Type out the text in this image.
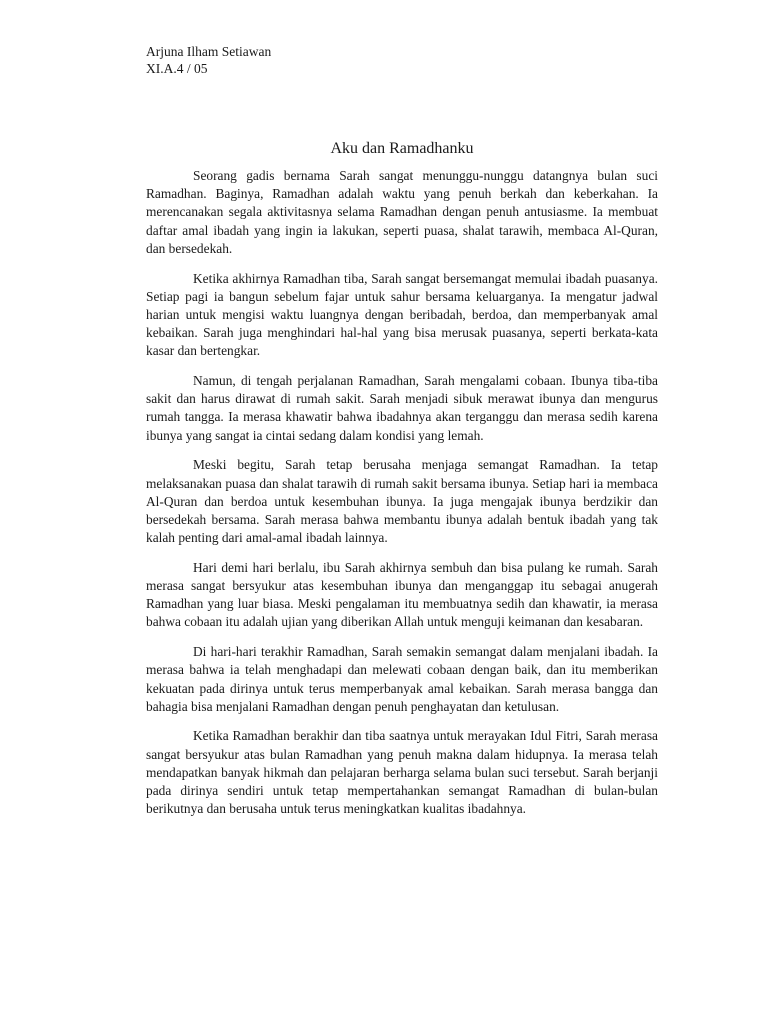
Arjuna Ilham Setiawan
XI.A.4 / 05
Aku dan Ramadhanku

Seorang gadis bernama Sarah sangat menunggu-nunggu datangnya bulan suci Ramadhan. Baginya, Ramadhan adalah waktu yang penuh berkah dan keberkahan. Ia merencanakan segala aktivitasnya selama Ramadhan dengan penuh antusiasme. Ia membuat daftar amal ibadah yang ingin ia lakukan, seperti puasa, shalat tarawih, membaca Al-Quran, dan bersedekah.

Ketika akhirnya Ramadhan tiba, Sarah sangat bersemangat memulai ibadah puasanya. Setiap pagi ia bangun sebelum fajar untuk sahur bersama keluarganya. Ia mengatur jadwal harian untuk mengisi waktu luangnya dengan beribadah, berdoa, dan memperbanyak amal kebaikan. Sarah juga menghindari hal-hal yang bisa merusak puasanya, seperti berkata-kata kasar dan bertengkar.

Namun, di tengah perjalanan Ramadhan, Sarah mengalami cobaan. Ibunya tiba-tiba sakit dan harus dirawat di rumah sakit. Sarah menjadi sibuk merawat ibunya dan mengurus rumah tangga. Ia merasa khawatir bahwa ibadahnya akan terganggu dan merasa sedih karena ibunya yang sangat ia cintai sedang dalam kondisi yang lemah.

Meski begitu, Sarah tetap berusaha menjaga semangat Ramadhan. Ia tetap melaksanakan puasa dan shalat tarawih di rumah sakit bersama ibunya. Setiap hari ia membaca Al-Quran dan berdoa untuk kesembuhan ibunya. Ia juga mengajak ibunya berdzikir dan bersedekah bersama. Sarah merasa bahwa membantu ibunya adalah bentuk ibadah yang tak kalah penting dari amal-amal ibadah lainnya.

Hari demi hari berlalu, ibu Sarah akhirnya sembuh dan bisa pulang ke rumah. Sarah merasa sangat bersyukur atas kesembuhan ibunya dan menganggap itu sebagai anugerah Ramadhan yang luar biasa. Meski pengalaman itu membuatnya sedih dan khawatir, ia merasa bahwa cobaan itu adalah ujian yang diberikan Allah untuk menguji keimanan dan kesabaran.

Di hari-hari terakhir Ramadhan, Sarah semakin semangat dalam menjalani ibadah. Ia merasa bahwa ia telah menghadapi dan melewati cobaan dengan baik, dan itu memberikan kekuatan pada dirinya untuk terus memperbanyak amal kebaikan. Sarah merasa bangga dan bahagia bisa menjalani Ramadhan dengan penuh penghayatan dan ketulusan.

Ketika Ramadhan berakhir dan tiba saatnya untuk merayakan Idul Fitri, Sarah merasa sangat bersyukur atas bulan Ramadhan yang penuh makna dalam hidupnya. Ia merasa telah mendapatkan banyak hikmah dan pelajaran berharga selama bulan suci tersebut. Sarah berjanji pada dirinya sendiri untuk tetap mempertahankan semangat Ramadhan di bulan-bulan berikutnya dan berusaha untuk terus meningkatkan kualitas ibadahnya.
